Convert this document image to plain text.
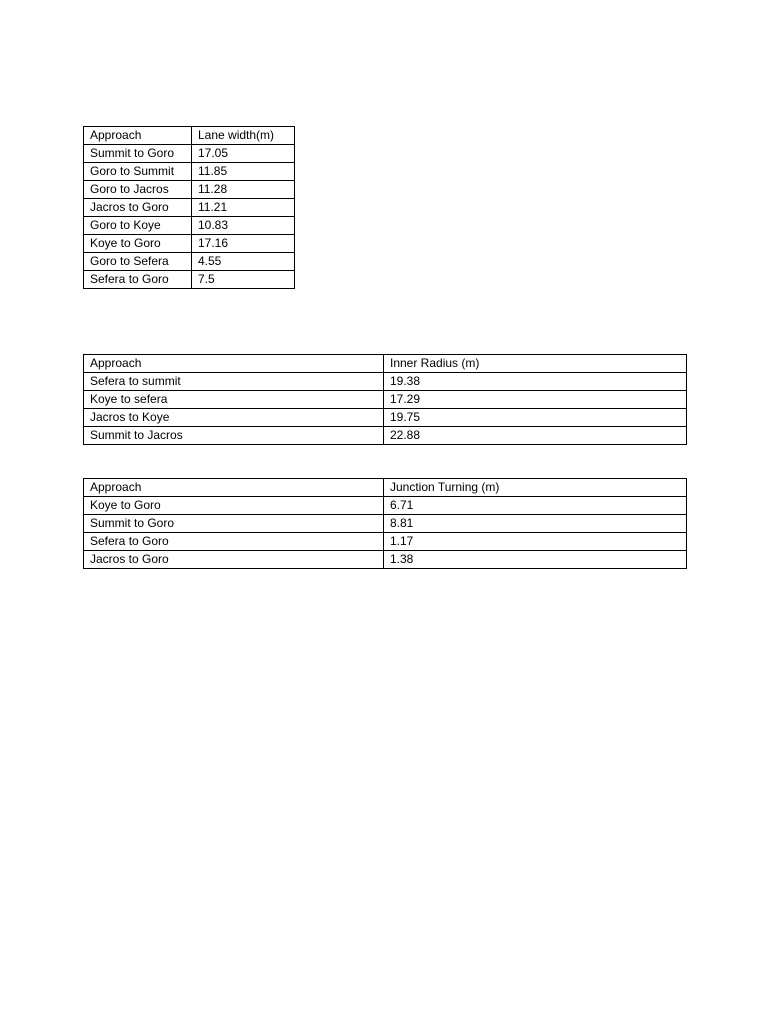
Approach	Lane width(m)
Summit to Goro	17.05
Goro to Summit	11.85
Goro to Jacros	11.28
Jacros to Goro	11.21
Goro to Koye	10.83
Koye to Goro	17.16
Goro to Sefera	4.55
Sefera to Goro	7.5
Approach	Inner Radius (m)
Sefera to summit	19.38
Koye to sefera	17.29
Jacros to Koye	19.75
Summit to Jacros	22.88
Approach	Junction Turning (m)
Koye to Goro	6.71
Summit to Goro	8.81
Sefera to Goro	1.17
Jacros to Goro	1.38
